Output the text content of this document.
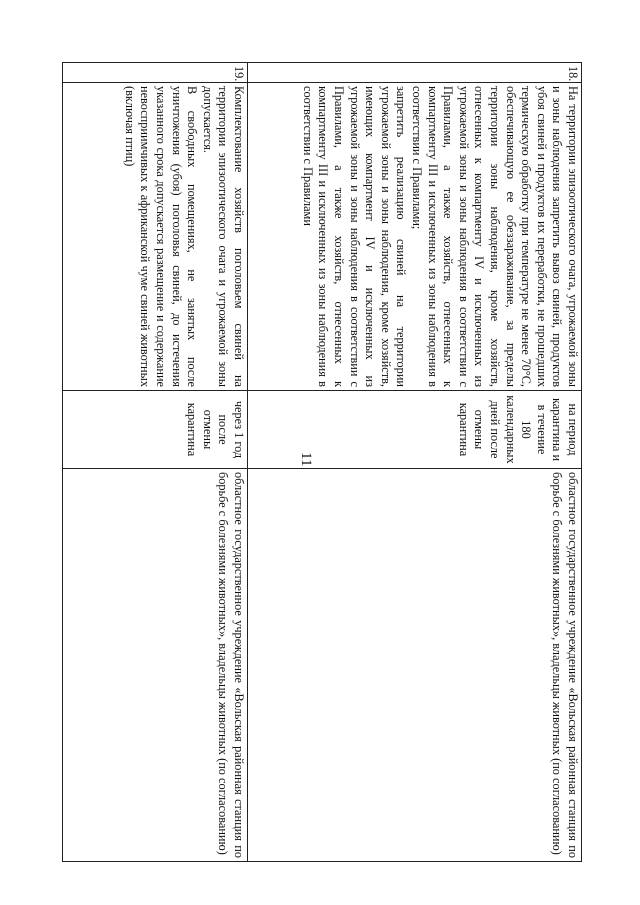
11
18.	На территории эпизоотического очага, угрожаемой зоны и зоны наблюдения запретить вывоз свиней, продуктов убоя свиней и продуктов их переработки, не прошедших термическую обработку при температуре не менее 70°С, обеспечивающую ее обеззараживание, за пределы территории зоны наблюдения, кроме хозяйств, отнесенных к компартменту IV и исключенных из угрожаемой зоны и зоны наблюдения в соответствии с Правилами, а также хозяйств, отнесенных к компартменту III и исключенных из зоны наблюдения в соответствии с Правилами;
запретить реализацию свиней на территории угрожаемой зоны и зоны наблюдения, кроме хозяйств, имеющих компартмент IV и исключенных из угрожаемой зоны и зоны наблюдения в соответствии с Правилами, а также хозяйств, отнесенных к компартменту III и исключенных из зоны наблюдения в соответствии с Правилами	на период карантина и в течение 180 календарных дней после отмены карантина	областное государственное учреждение «Вольская районная станция по борьбе с болезнями животных», владельцы животных (по согласованию)
19.	Комплектование хозяйств поголовьем свиней на территории эпизоотического очага и угрожаемой зоны допускается.
В свободных помещениях, не занятых после уничтожения (убоя) поголовья свиней, до истечения указанного срока допускается размещение и содержание невосприимчивых к африканской чуме свиней животных (включая птиц)	через 1 год после отмены карантина	областное государственное учреждение «Вольская районная станция по борьбе с болезнями животных», владельцы животных (по согласованию)
